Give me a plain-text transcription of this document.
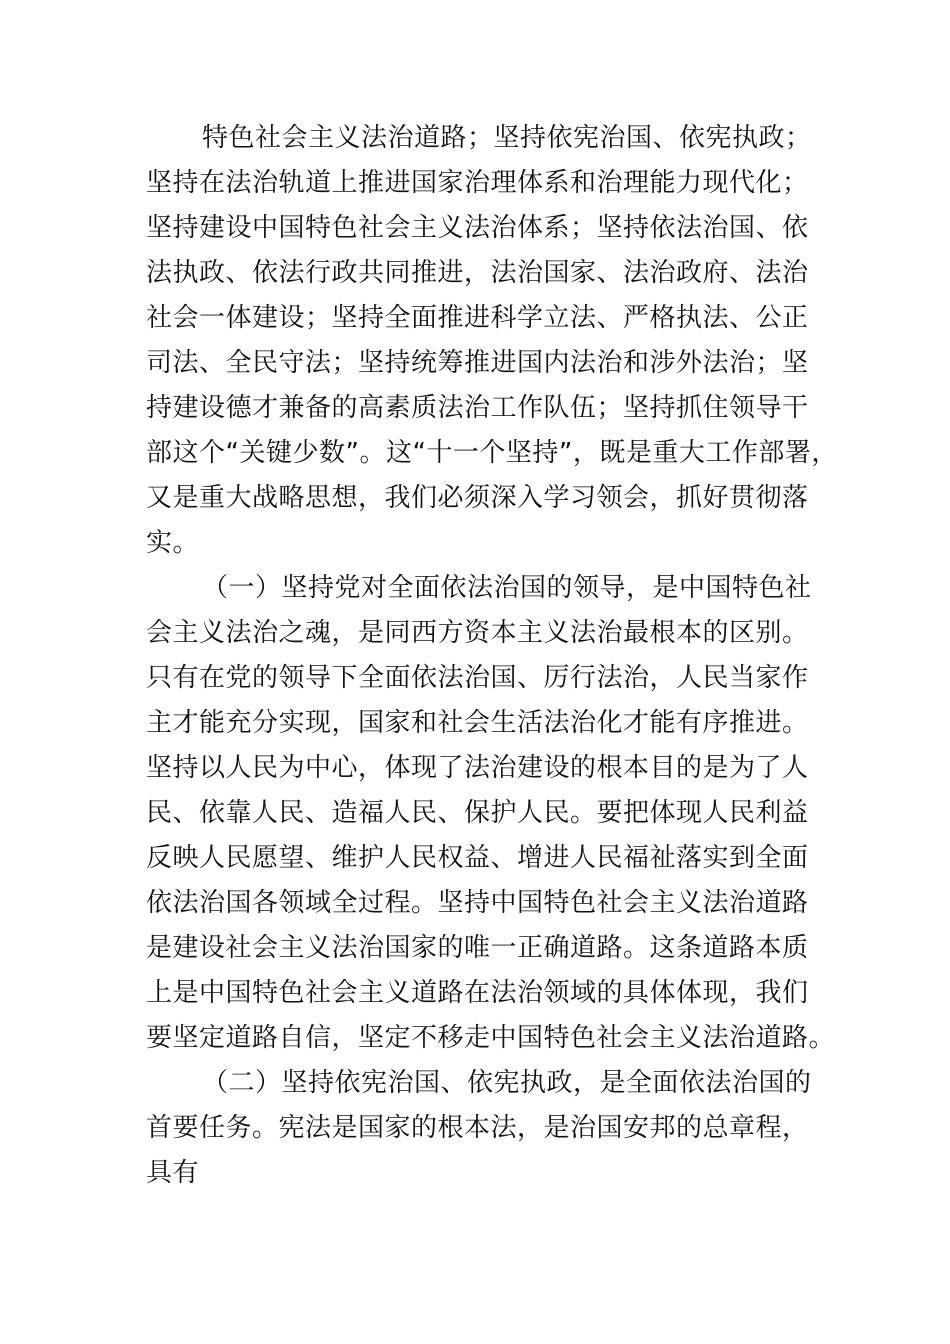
特色社会主义法治道路；坚持依宪治国、依宪执政；
坚持在法治轨道上推进国家治理体系和治理能力现代化；
坚持建设中国特色社会主义法治体系；坚持依法治国、依
法执政、依法行政共同推进，法治国家、法治政府、法治
社会一体建设；坚持全面推进科学立法、严格执法、公正
司法、全民守法；坚持统筹推进国内法治和涉外法治；坚
持建设德才兼备的高素质法治工作队伍；坚持抓住领导干
部这个“关键少数”。这“十一个坚持”，既是重大工作部署，
又是重大战略思想，我们必须深入学习领会，抓好贯彻落
实。
（一）坚持党对全面依法治国的领导，是中国特色社
会主义法治之魂，是同西方资本主义法治最根本的区别。
只有在党的领导下全面依法治国、厉行法治，人民当家作
主才能充分实现，国家和社会生活法治化才能有序推进。
坚持以人民为中心，体现了法治建设的根本目的是为了人
民、依靠人民、造福人民、保护人民。要把体现人民利益
反映人民愿望、维护人民权益、增进人民福祉落实到全面
依法治国各领域全过程。坚持中国特色社会主义法治道路
是建设社会主义法治国家的唯一正确道路。这条道路本质
上是中国特色社会主义道路在法治领域的具体体现，我们
要坚定道路自信，坚定不移走中国特色社会主义法治道路。
（二）坚持依宪治国、依宪执政，是全面依法治国的
首要任务。宪法是国家的根本法，是治国安邦的总章程，
具有
